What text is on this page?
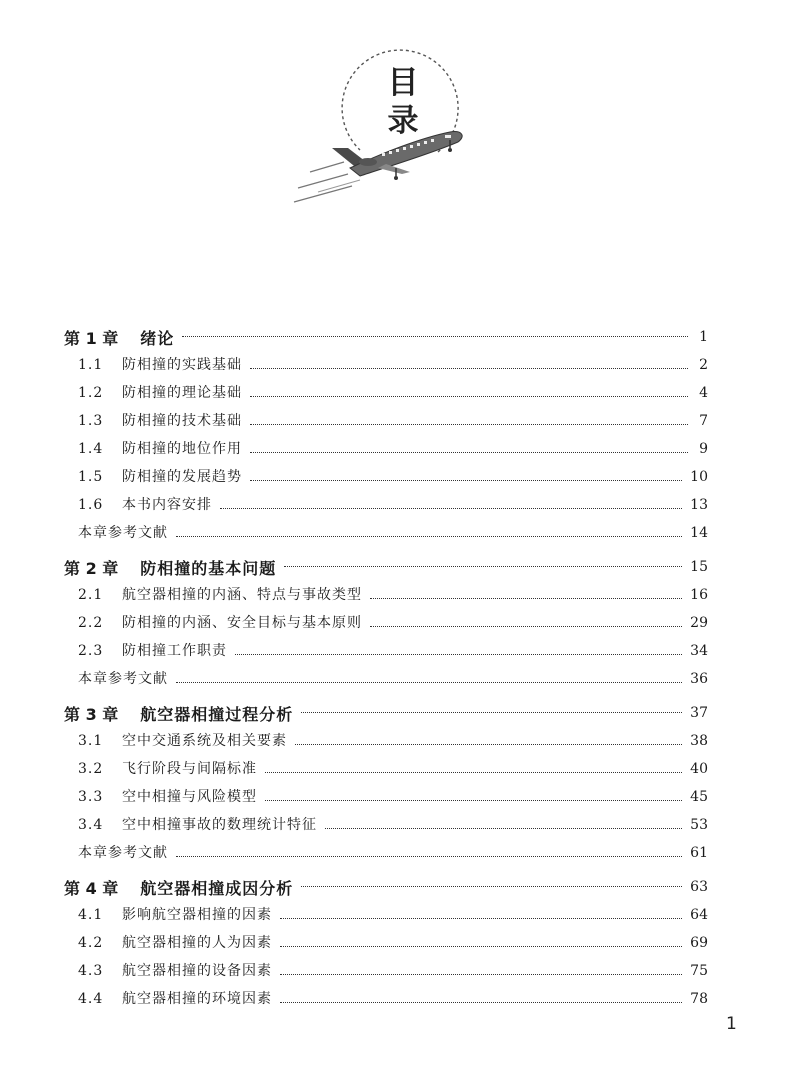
目
录
第 1 章 绪论	1
1.1	防相撞的实践基础	2
1.2	防相撞的理论基础	4
1.3	防相撞的技术基础	7
1.4	防相撞的地位作用	9
1.5	防相撞的发展趋势	10
1.6	本书内容安排	13
本章参考文献	14
第 2 章 防相撞的基本问题	15
2.1	航空器相撞的内涵、特点与事故类型	16
2.2	防相撞的内涵、安全目标与基本原则	29
2.3	防相撞工作职责	34
本章参考文献	36
第 3 章 航空器相撞过程分析	37
3.1	空中交通系统及相关要素	38
3.2	飞行阶段与间隔标准	40
3.3	空中相撞与风险模型	45
3.4	空中相撞事故的数理统计特征	53
本章参考文献	61
第 4 章 航空器相撞成因分析	63
4.1	影响航空器相撞的因素	64
4.2	航空器相撞的人为因素	69
4.3	航空器相撞的设备因素	75
4.4	航空器相撞的环境因素	78
1
